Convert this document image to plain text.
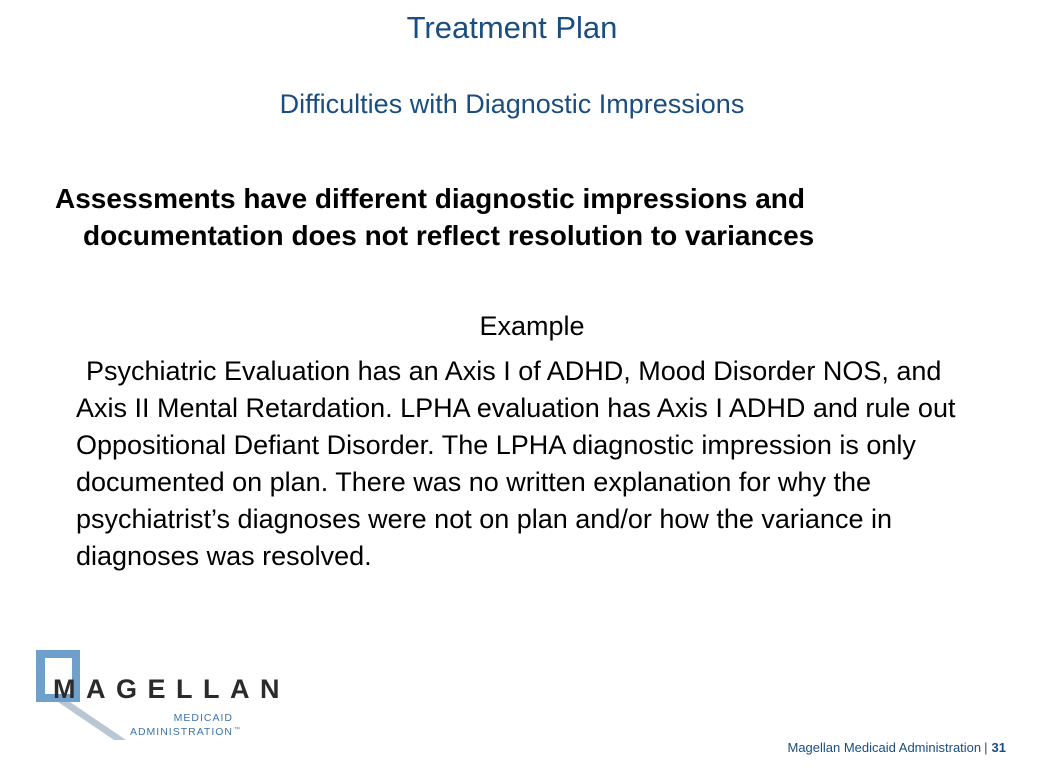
Treatment Plan
Difficulties with Diagnostic Impressions
Assessments have different diagnostic impressions and documentation does not reflect resolution to variances
Example
Psychiatric Evaluation has an Axis I of ADHD, Mood Disorder NOS, and Axis II Mental Retardation. LPHA evaluation has Axis I ADHD and rule out Oppositional Defiant Disorder. The LPHA diagnostic impression is only documented on plan. There was no written explanation for why the psychiatrist’s diagnoses were not on plan and/or how the variance in diagnoses was resolved.
MAGELLAN
MEDICAID
ADMINISTRATION ™
Magellan Medicaid Administration | 31
